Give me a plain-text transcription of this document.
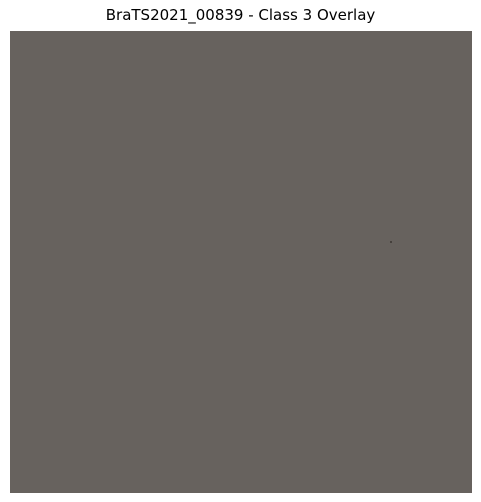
BraTS2021_00839 - Class 3 Overlay
